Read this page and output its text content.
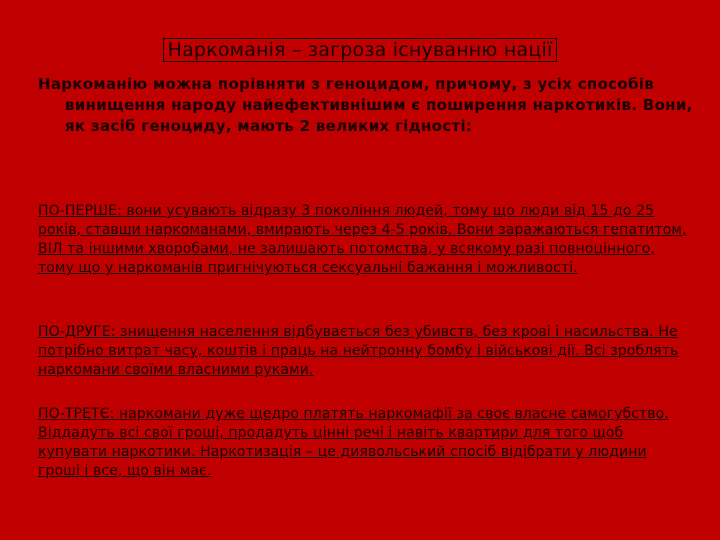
Наркоманія – загроза існуванню нації

Наркоманію можна порівняти з геноцидом, причому, з усіх способів винищення народу найефективнішим є поширення наркотиків. Вони, як засіб геноциду, мають 2 великих гідності:

ПО-ПЕРШЕ: вони усувають відразу 3 покоління людей, тому що люди від 15 до 25 років, ставши наркоманами, вмирають через 4-5 років. Вони заражаються гепатитом, ВІЛ та іншими хворобами, не залишають потомства, у всякому разі повноцінного, тому що у наркоманів пригнічуються сексуальні бажання і можливості.

ПО-ДРУГЕ: знищення населення відбувається без убивств, без крові і насильства. Не потрібно витрат часу, коштів і праць на нейтронну бомбу і військові дії. Всі зроблять наркомани своїми власними руками.

ПО-ТРЕТЄ: наркомани дуже щедро платять наркомафії за своє власне самогубство. Віддадуть всі свої гроші, продадуть цінні речі і навіть квартири для того щоб купувати наркотики. Наркотизація – це диявольський спосіб відібрати у людини гроші і все, що він має.
